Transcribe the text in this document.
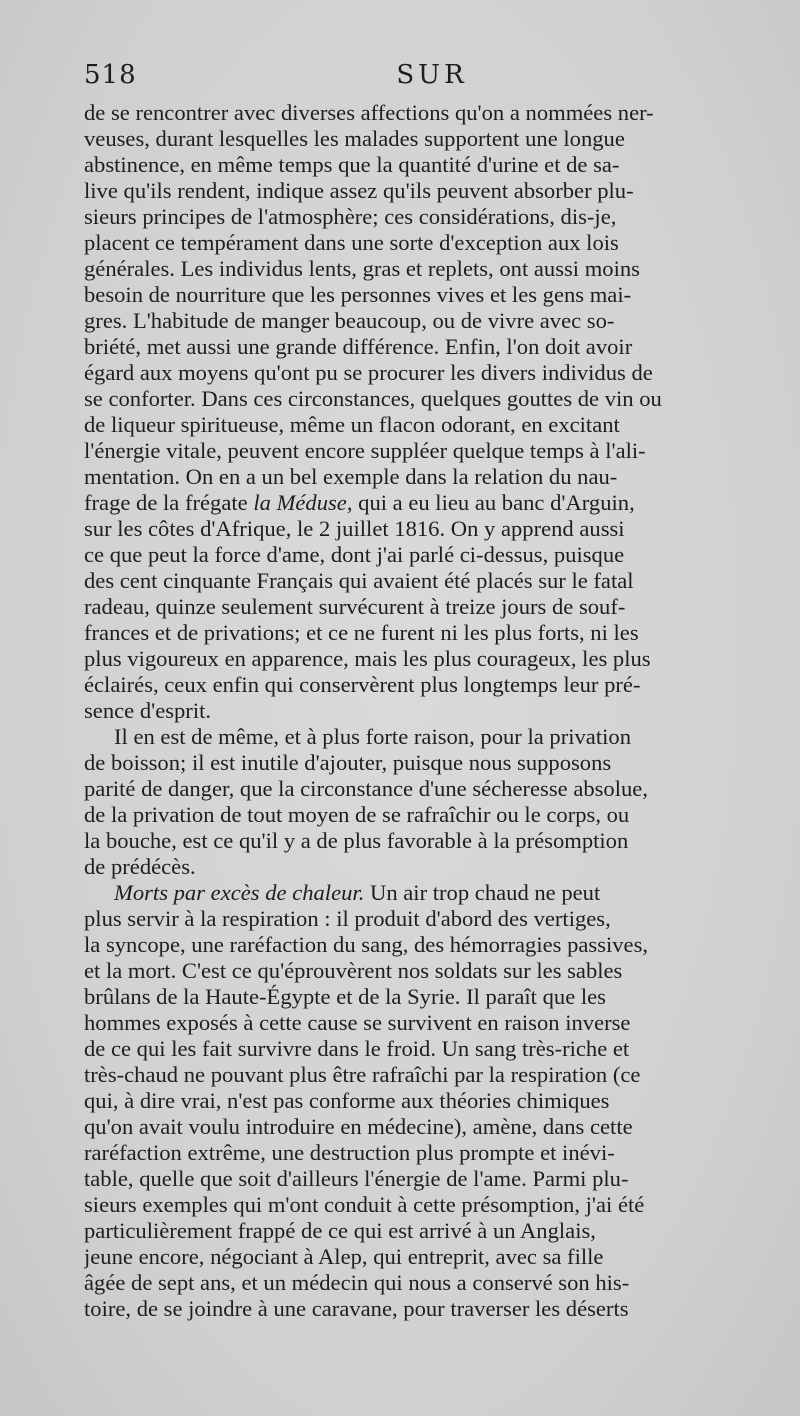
518	SUR
de se rencontrer avec diverses affections qu'on a nommées ner-
veuses, durant lesquelles les malades supportent une longue
abstinence, en même temps que la quantité d'urine et de sa-
live qu'ils rendent, indique assez qu'ils peuvent absorber plu-
sieurs principes de l'atmosphère; ces considérations, dis-je,
placent ce tempérament dans une sorte d'exception aux lois
générales. Les individus lents, gras et replets, ont aussi moins
besoin de nourriture que les personnes vives et les gens mai-
gres. L'habitude de manger beaucoup, ou de vivre avec so-
briété, met aussi une grande différence. Enfin, l'on doit avoir
égard aux moyens qu'ont pu se procurer les divers individus de
se conforter. Dans ces circonstances, quelques gouttes de vin ou
de liqueur spiritueuse, même un flacon odorant, en excitant
l'énergie vitale, peuvent encore suppléer quelque temps à l'ali-
mentation. On en a un bel exemple dans la relation du nau-
frage de la frégate la Méduse, qui a eu lieu au banc d'Arguin,
sur les côtes d'Afrique, le 2 juillet 1816. On y apprend aussi
ce que peut la force d'ame, dont j'ai parlé ci-dessus, puisque
des cent cinquante Français qui avaient été placés sur le fatal
radeau, quinze seulement survécurent à treize jours de souf-
frances et de privations; et ce ne furent ni les plus forts, ni les
plus vigoureux en apparence, mais les plus courageux, les plus
éclairés, ceux enfin qui conservèrent plus longtemps leur pré-
sence d'esprit.
Il en est de même, et à plus forte raison, pour la privation
de boisson; il est inutile d'ajouter, puisque nous supposons
parité de danger, que la circonstance d'une sécheresse absolue,
de la privation de tout moyen de se rafraîchir ou le corps, ou
la bouche, est ce qu'il y a de plus favorable à la présomption
de prédécès.
Morts par excès de chaleur. Un air trop chaud ne peut
plus servir à la respiration : il produit d'abord des vertiges,
la syncope, une raréfaction du sang, des hémorragies passives,
et la mort. C'est ce qu'éprouvèrent nos soldats sur les sables
brûlans de la Haute-Égypte et de la Syrie. Il paraît que les
hommes exposés à cette cause se survivent en raison inverse
de ce qui les fait survivre dans le froid. Un sang très-riche et
très-chaud ne pouvant plus être rafraîchi par la respiration (ce
qui, à dire vrai, n'est pas conforme aux théories chimiques
qu'on avait voulu introduire en médecine), amène, dans cette
raréfaction extrême, une destruction plus prompte et inévi-
table, quelle que soit d'ailleurs l'énergie de l'ame. Parmi plu-
sieurs exemples qui m'ont conduit à cette présomption, j'ai été
particulièrement frappé de ce qui est arrivé à un Anglais,
jeune encore, négociant à Alep, qui entreprit, avec sa fille
âgée de sept ans, et un médecin qui nous a conservé son his-
toire, de se joindre à une caravane, pour traverser les déserts
